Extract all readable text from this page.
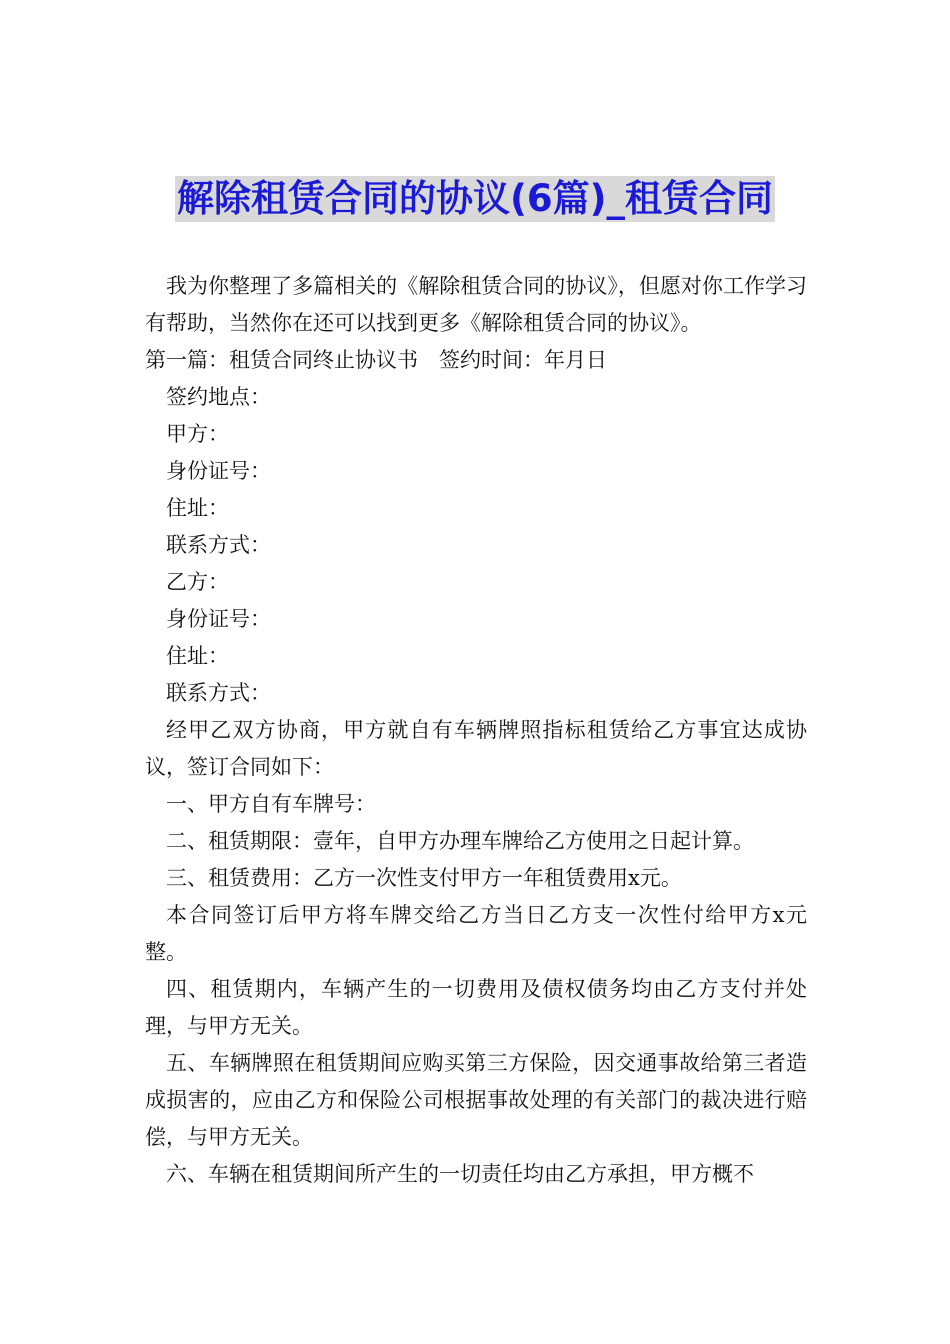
解除租赁合同的协议(6篇)_租赁合同

我为你整理了多篇相关的《解除租赁合同的协议》，但愿对你工作学习有帮助，当然你在还可以找到更多《解除租赁合同的协议》。

第一篇：租赁合同终止协议书　签约时间：年月日

签约地点：

甲方：

身份证号：

住址：

联系方式：

乙方：

身份证号：

住址：

联系方式：

经甲乙双方协商，甲方就自有车辆牌照指标租赁给乙方事宜达成协议，签订合同如下：

一、甲方自有车牌号：

二、租赁期限：壹年，自甲方办理车牌给乙方使用之日起计算。

三、租赁费用：乙方一次性支付甲方一年租赁费用x元。

本合同签订后甲方将车牌交给乙方当日乙方支一次性付给甲方x元整。

四、租赁期内，车辆产生的一切费用及债权债务均由乙方支付并处理，与甲方无关。

五、车辆牌照在租赁期间应购买第三方保险，因交通事故给第三者造成损害的，应由乙方和保险公司根据事故处理的有关部门的裁决进行赔偿，与甲方无关。

六、车辆在租赁期间所产生的一切责任均由乙方承担，甲方概不
